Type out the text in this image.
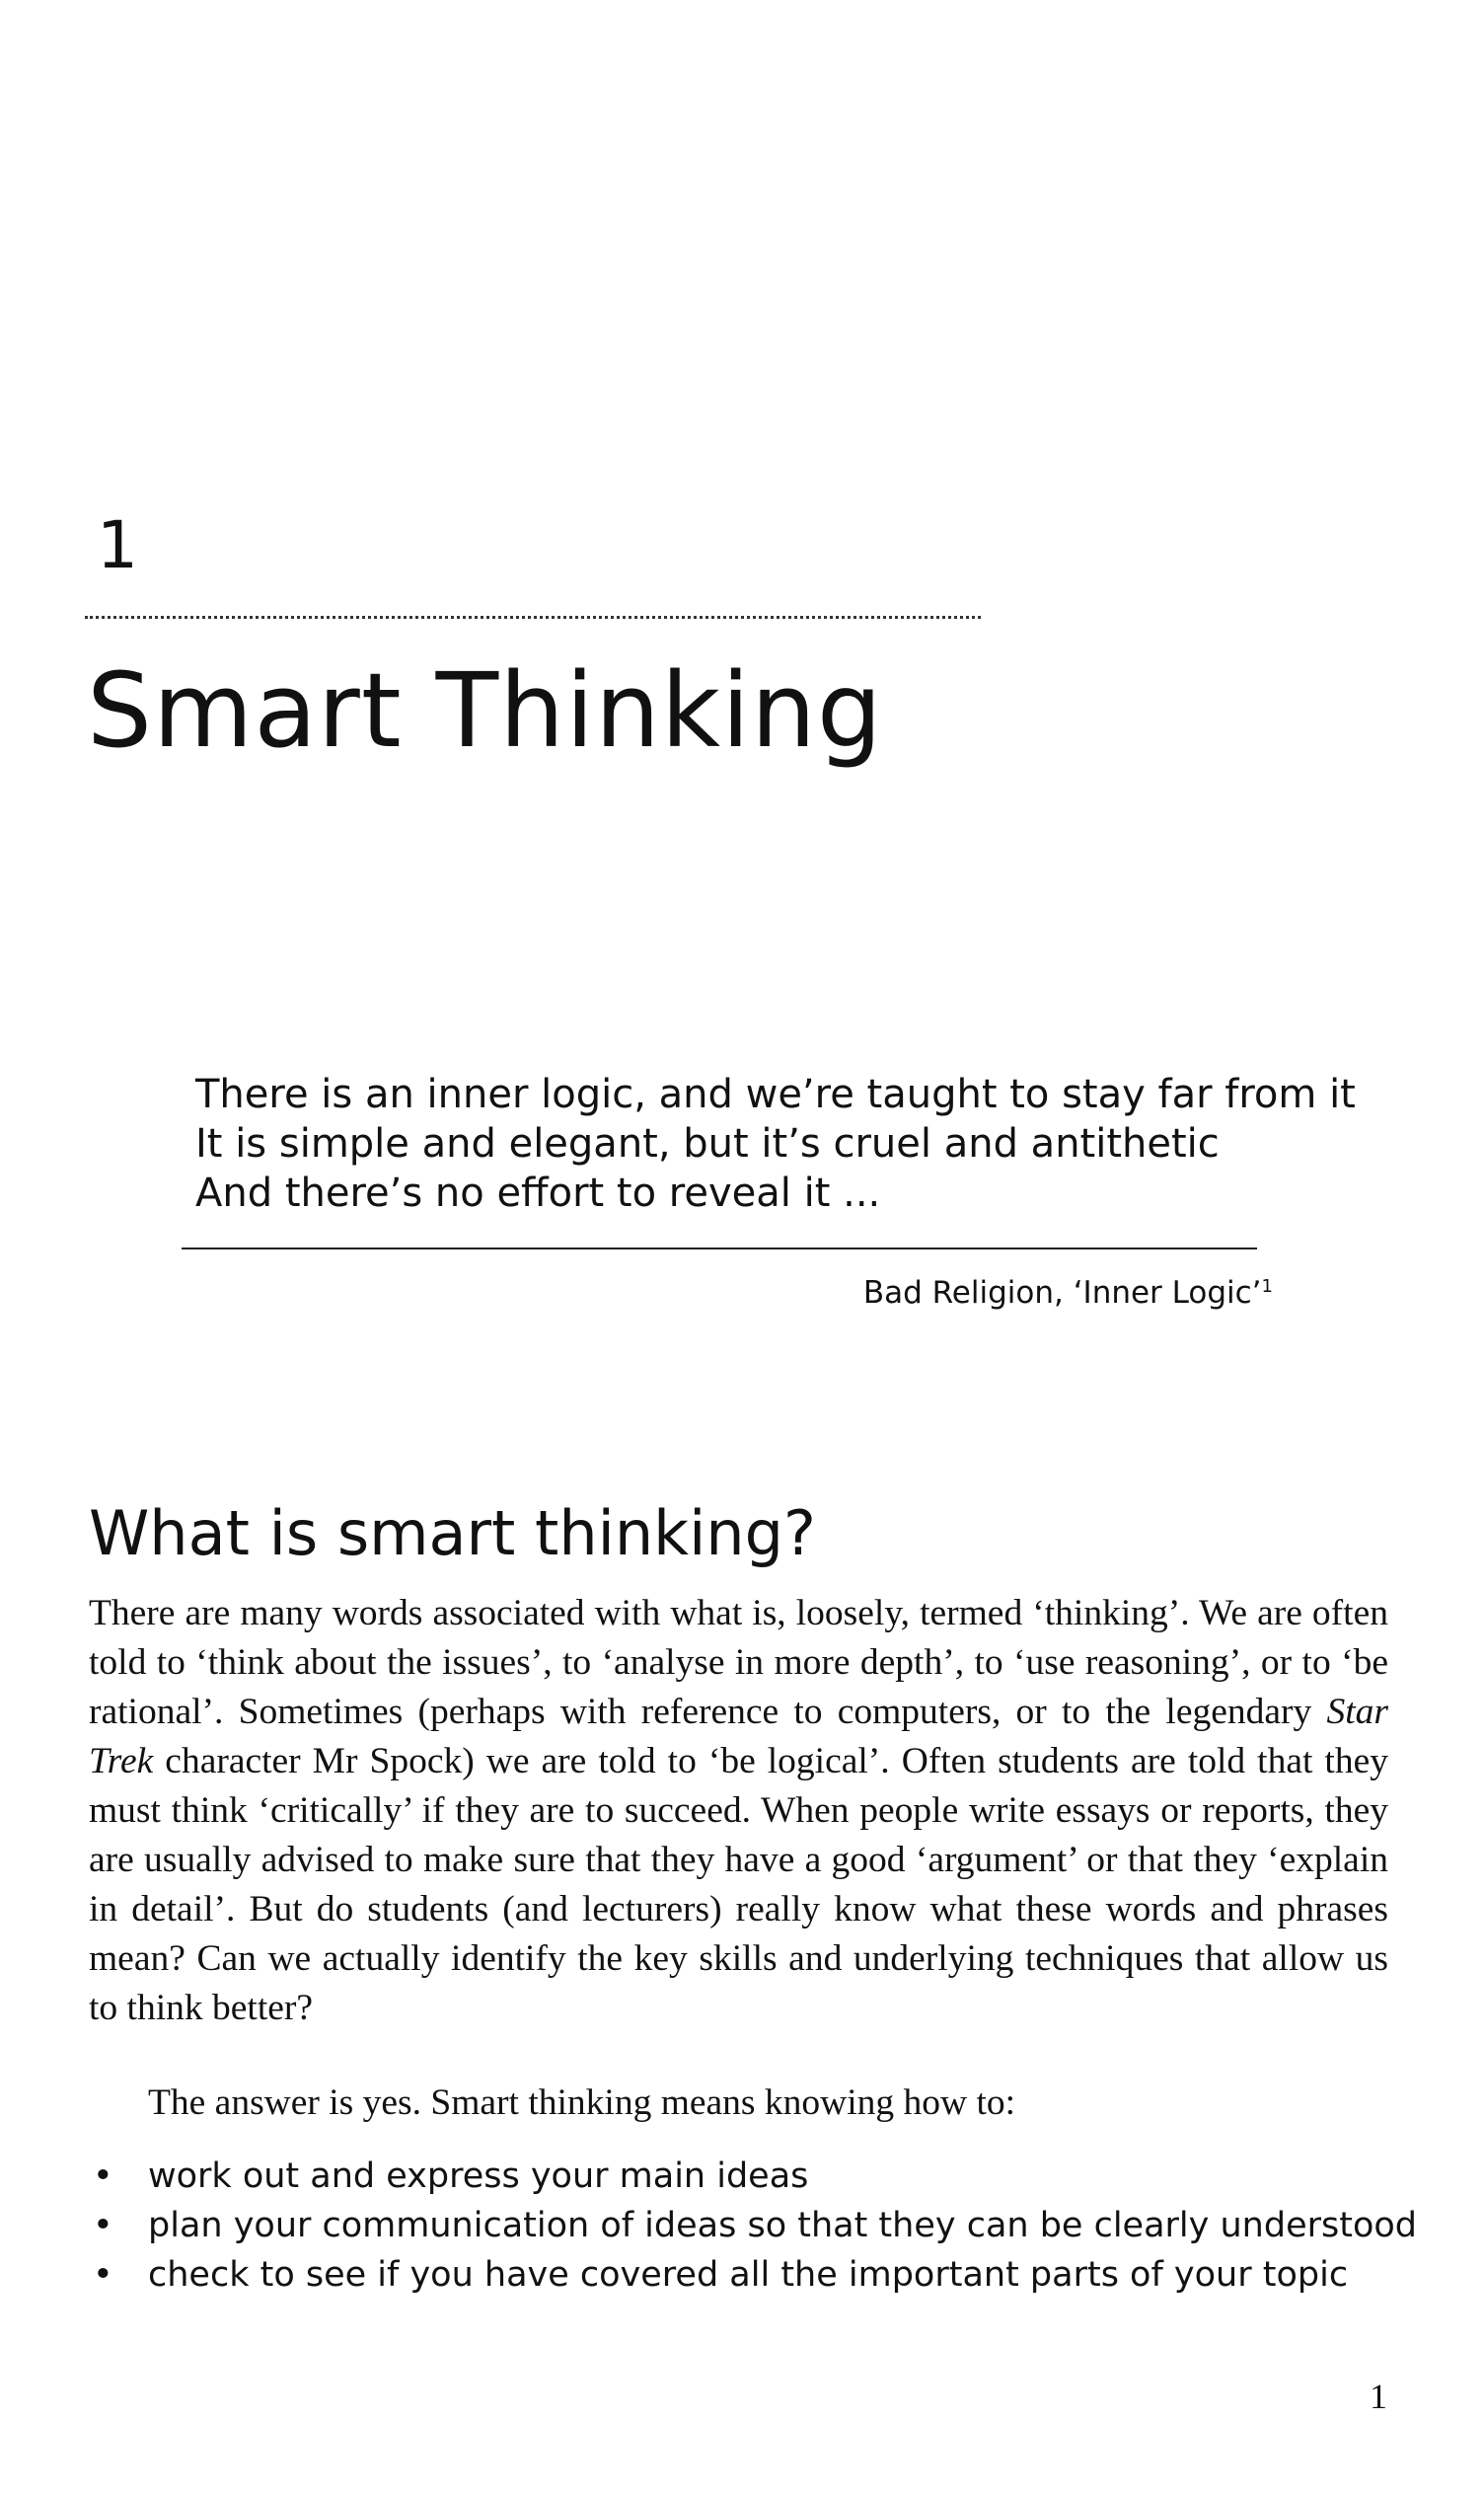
1
Smart Thinking
There is an inner logic, and we’re taught to stay far from it
It is simple and elegant, but it’s cruel and antithetic
And there’s no effort to reveal it ...
Bad Religion, ‘Inner Logic’$^1$
What is smart thinking?

There are many words associated with what is, loosely, termed ‘thinking’. We are often told to ‘think about the issues’, to ‘analyse in more depth’, to ‘use reasoning’, or to ‘be rational’. Sometimes (perhaps with reference to computers, or to the legendary Star Trek character Mr Spock) we are told to ‘be logical’. Often students are told that they must think ‘critically’ if they are to succeed. When people write essays or reports, they are usually advised to make sure that they have a good ‘argument’ or that they ‘explain in detail’. But do students (and lecturers) really know what these words and phrases mean? Can we actually identify the key skills and underlying techniques that allow us to think better?

The answer is yes. Smart thinking means knowing how to:

• work out and express your main ideas
• plan your communication of ideas so that they can be clearly understood
• check to see if you have covered all the important parts of your topic
1
